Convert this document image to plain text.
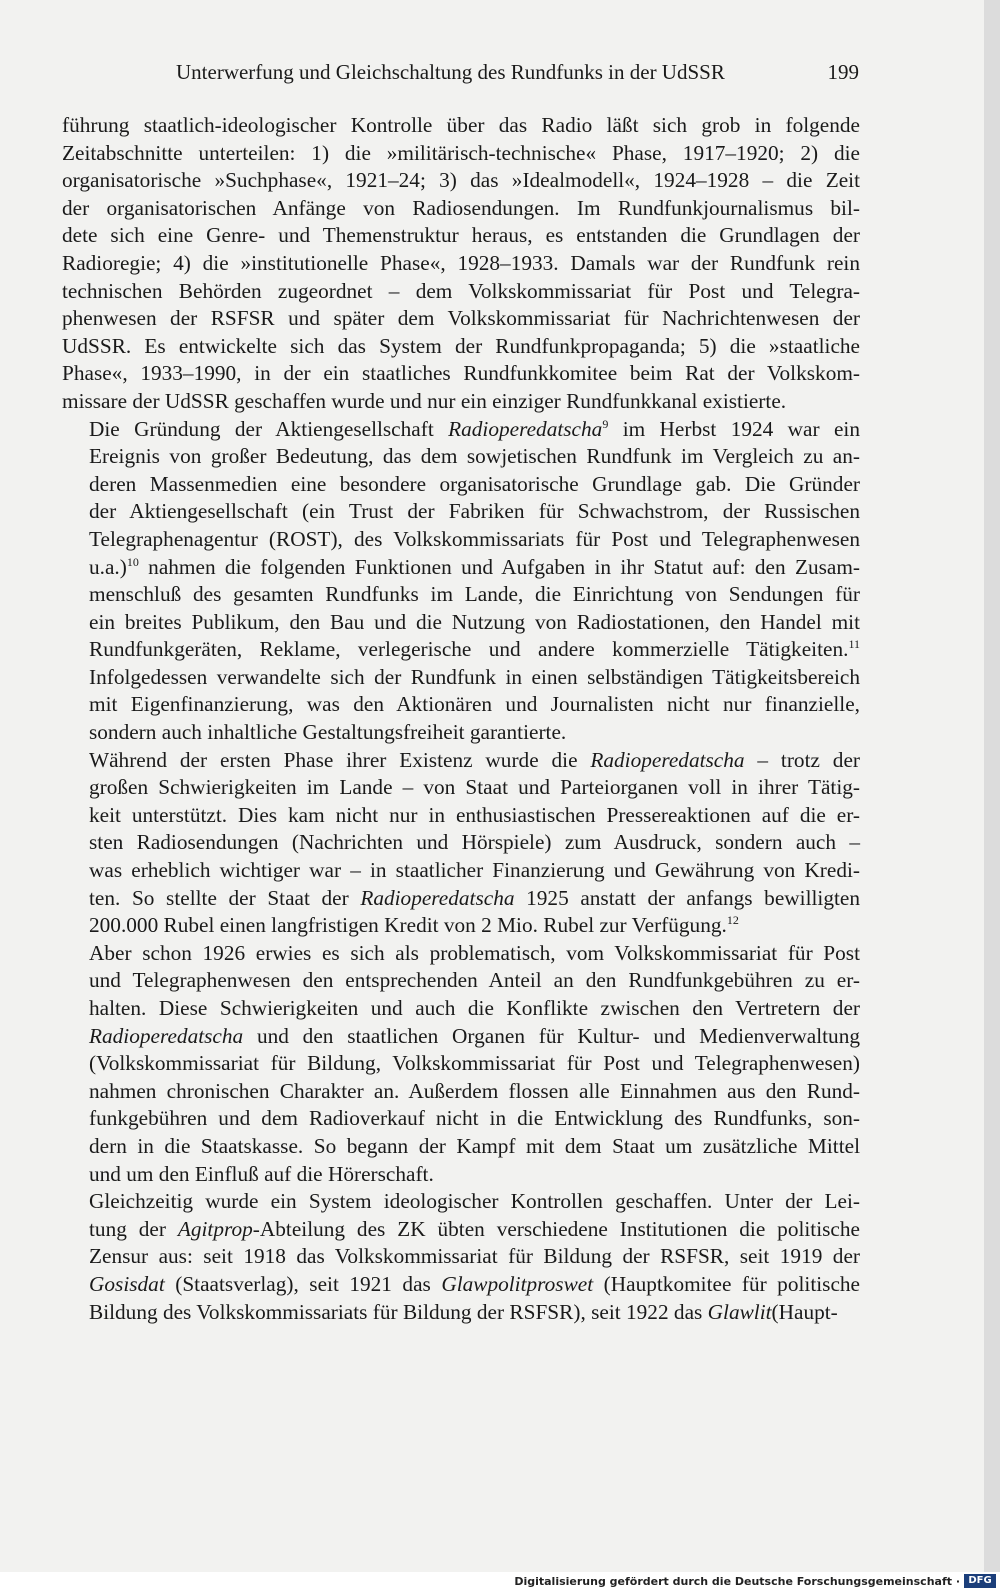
Unterwerfung und Gleichschaltung des Rundfunks in der UdSSR	199

führung staatlich-ideologischer Kontrolle über das Radio läßt sich grob in folgende
Zeitabschnitte unterteilen: 1) die »militärisch-technische« Phase, 1917–1920; 2) die
organisatorische »Suchphase«, 1921–24; 3) das »Idealmodell«, 1924–1928 – die Zeit
der organisatorischen Anfänge von Radiosendungen. Im Rundfunkjournalismus bil-
dete sich eine Genre- und Themenstruktur heraus, es entstanden die Grundlagen der
Radioregie; 4) die »institutionelle Phase«, 1928–1933. Damals war der Rundfunk rein
technischen Behörden zugeordnet – dem Volkskommissariat für Post und Telegra-
phenwesen der RSFSR und später dem Volkskommissariat für Nachrichtenwesen der
UdSSR. Es entwickelte sich das System der Rundfunkpropaganda; 5) die »staatliche
Phase«, 1933–1990, in der ein staatliches Rundfunkkomitee beim Rat der Volkskom-
missare der UdSSR geschaffen wurde und nur ein einziger Rundfunkkanal existierte.

Die Gründung der Aktiengesellschaft Radioperedatscha$^9$ im Herbst 1924 war ein
Ereignis von großer Bedeutung, das dem sowjetischen Rundfunk im Vergleich zu an-
deren Massenmedien eine besondere organisatorische Grundlage gab. Die Gründer
der Aktiengesellschaft (ein Trust der Fabriken für Schwachstrom, der Russischen
Telegraphenagentur (ROST), des Volkskommissariats für Post und Telegraphenwesen
u.a.)$^{10}$ nahmen die folgenden Funktionen und Aufgaben in ihr Statut auf: den Zusam-
menschluß des gesamten Rundfunks im Lande, die Einrichtung von Sendungen für
ein breites Publikum, den Bau und die Nutzung von Radiostationen, den Handel mit
Rundfunkgeräten, Reklame, verlegerische und andere kommerzielle Tätigkeiten.$^{11}$
Infolgedessen verwandelte sich der Rundfunk in einen selbständigen Tätigkeitsbereich
mit Eigenfinanzierung, was den Aktionären und Journalisten nicht nur finanzielle,
sondern auch inhaltliche Gestaltungsfreiheit garantierte.

Während der ersten Phase ihrer Existenz wurde die Radioperedatscha – trotz der
großen Schwierigkeiten im Lande – von Staat und Parteiorganen voll in ihrer Tätig-
keit unterstützt. Dies kam nicht nur in enthusiastischen Pressereaktionen auf die er-
sten Radiosendungen (Nachrichten und Hörspiele) zum Ausdruck, sondern auch –
was erheblich wichtiger war – in staatlicher Finanzierung und Gewährung von Kredi-
ten. So stellte der Staat der Radioperedatscha 1925 anstatt der anfangs bewilligten
200.000 Rubel einen langfristigen Kredit von 2 Mio. Rubel zur Verfügung.$^{12}$

Aber schon 1926 erwies es sich als problematisch, vom Volkskommissariat für Post
und Telegraphenwesen den entsprechenden Anteil an den Rundfunkgebühren zu er-
halten. Diese Schwierigkeiten und auch die Konflikte zwischen den Vertretern der
Radioperedatscha und den staatlichen Organen für Kultur- und Medienverwaltung
(Volkskommissariat für Bildung, Volkskommissariat für Post und Telegraphenwesen)
nahmen chronischen Charakter an. Außerdem flossen alle Einnahmen aus den Rund-
funkgebühren und dem Radioverkauf nicht in die Entwicklung des Rundfunks, son-
dern in die Staatskasse. So begann der Kampf mit dem Staat um zusätzliche Mittel
und um den Einfluß auf die Hörerschaft.

Gleichzeitig wurde ein System ideologischer Kontrollen geschaffen. Unter der Lei-
tung der Agitprop-Abteilung des ZK übten verschiedene Institutionen die politische
Zensur aus: seit 1918 das Volkskommissariat für Bildung der RSFSR, seit 1919 der
Gosisdat (Staatsverlag), seit 1921 das Glawpolitproswet (Hauptkomitee für politische
Bildung des Volkskommissariats für Bildung der RSFSR), seit 1922 das Glawlit(Haupt-

Digitalisierung gefördert durch die Deutsche Forschungsgemeinschaft · DFG
